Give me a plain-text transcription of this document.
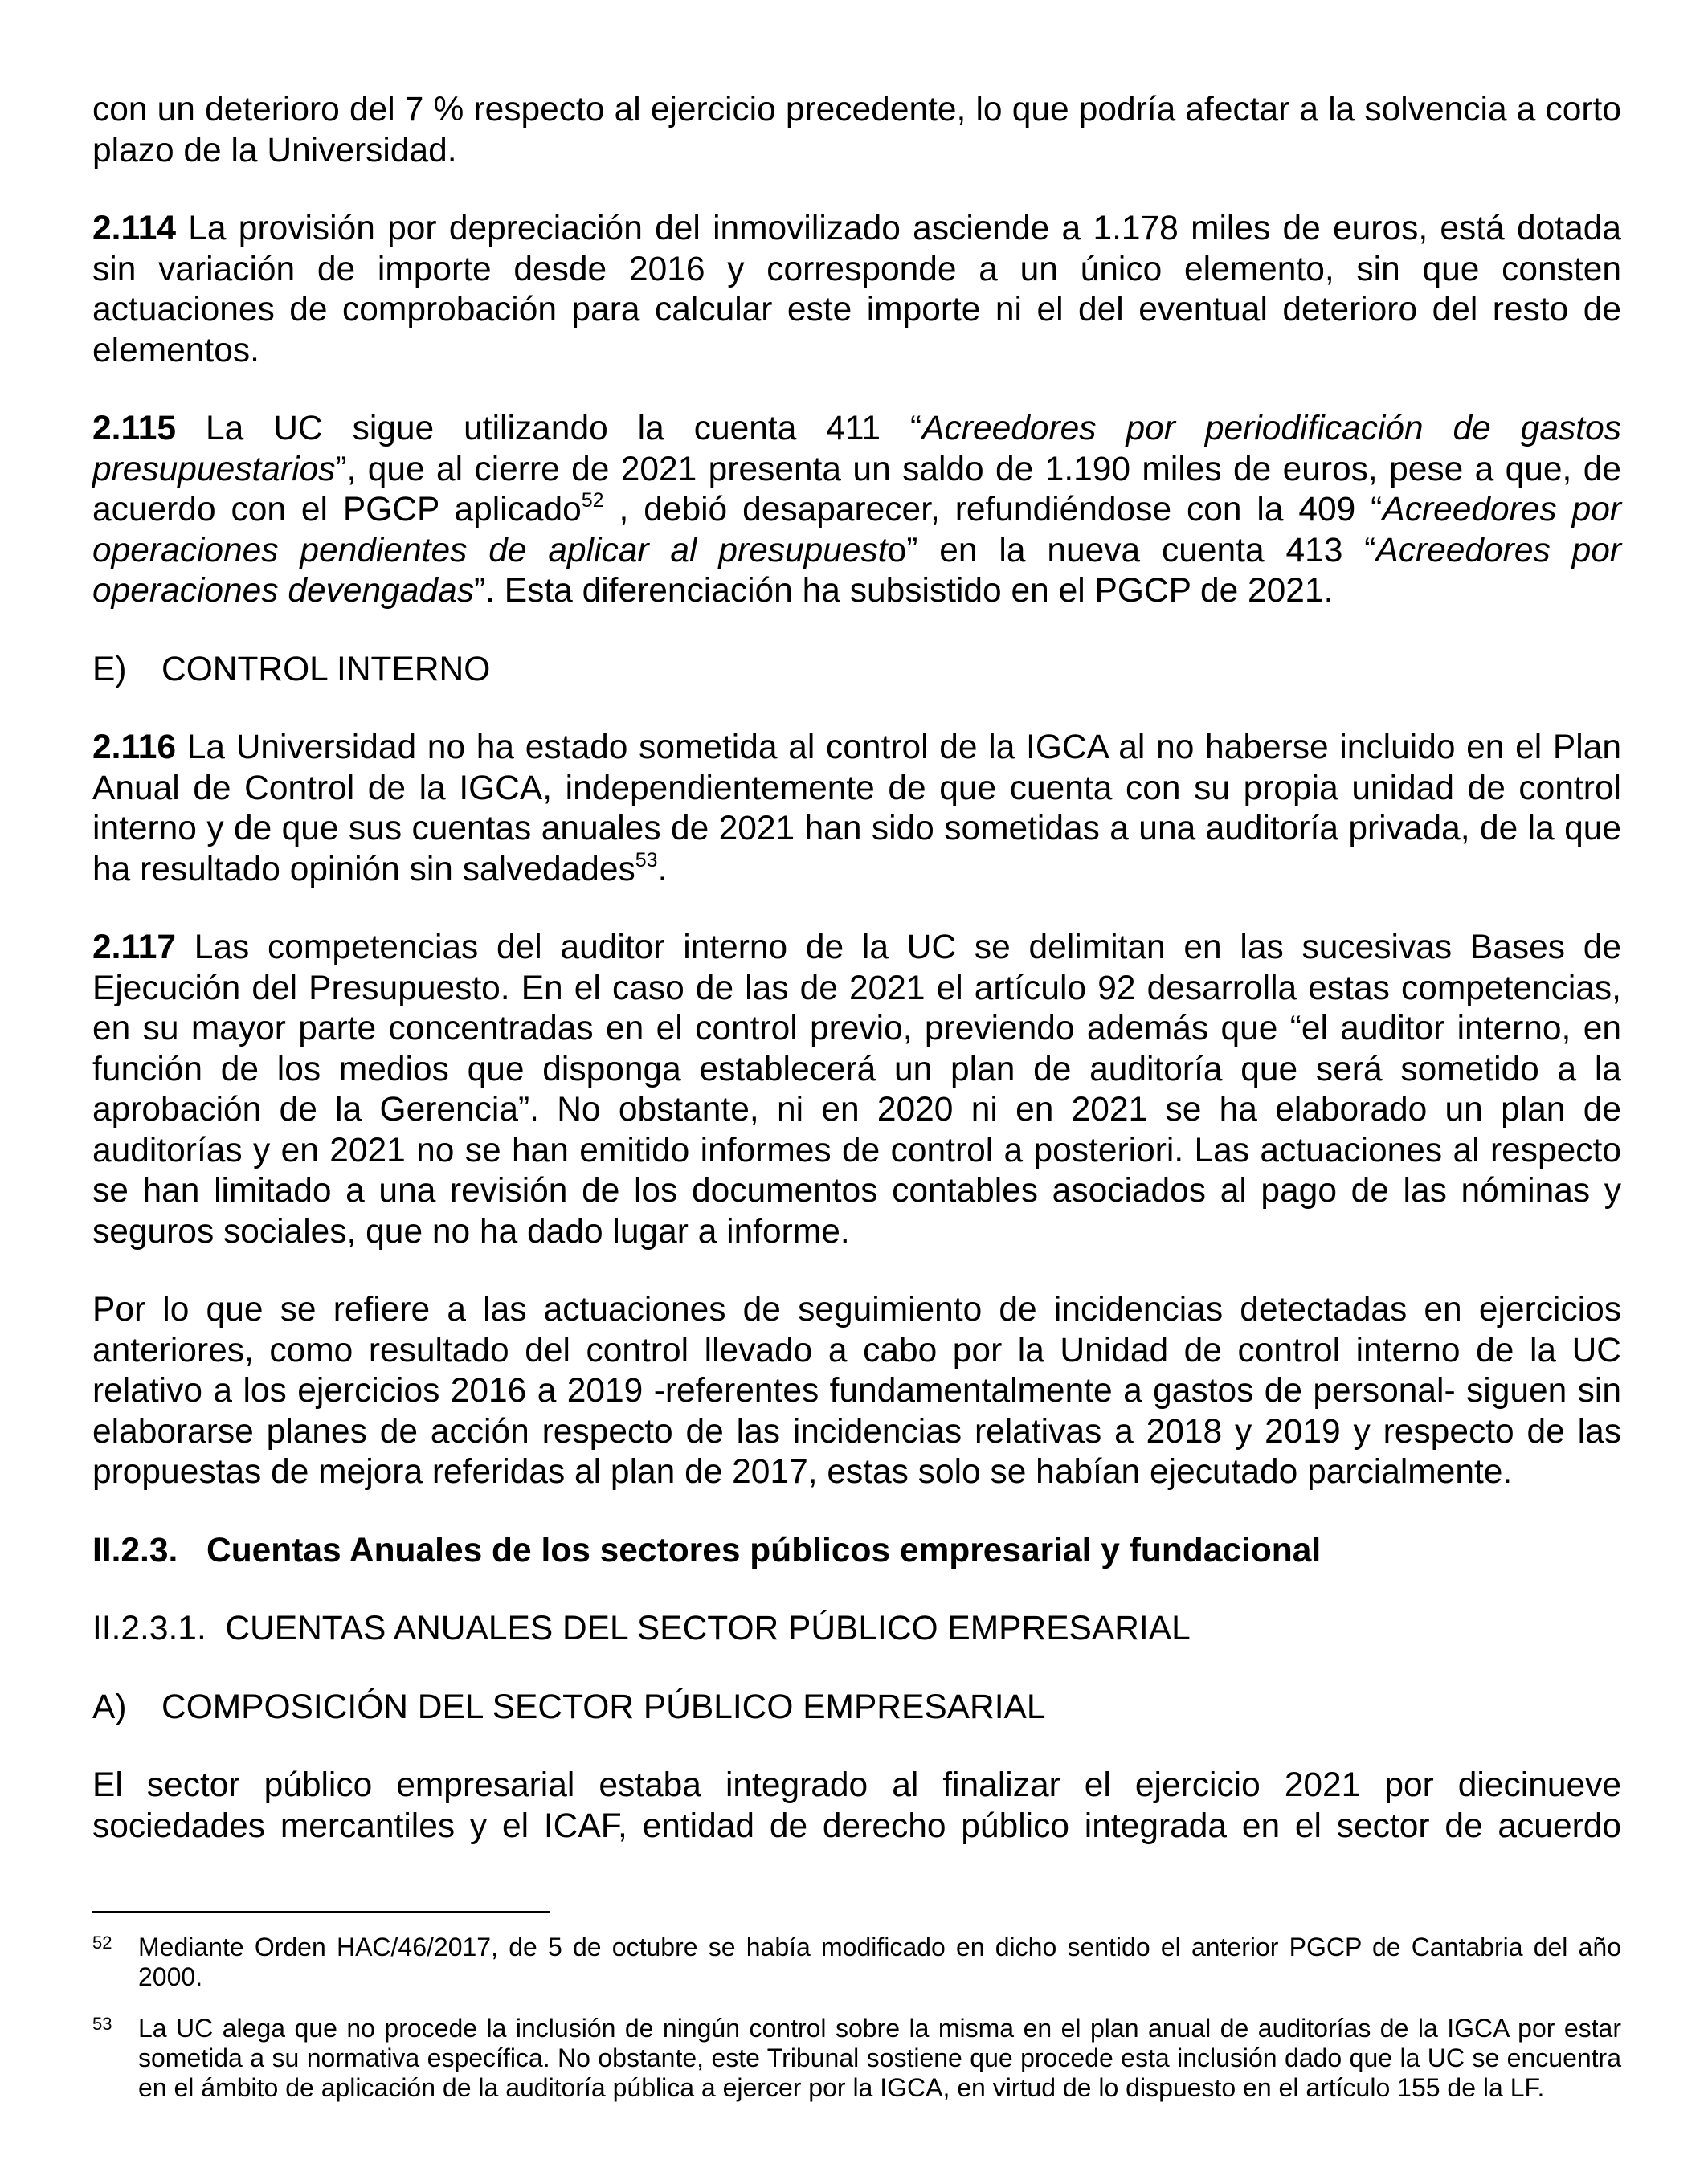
con un deterioro del 7 % respecto al ejercicio precedente, lo que podría afectar a la solvencia a corto plazo de la Universidad.

2.114 La provisión por depreciación del inmovilizado asciende a 1.178 miles de euros, está dotada sin variación de importe desde 2016 y corresponde a un único elemento, sin que consten actuaciones de comprobación para calcular este importe ni el del eventual deterioro del resto de elementos.

2.115 La UC sigue utilizando la cuenta 411 “Acreedores por periodificación de gastos presupuestarios”, que al cierre de 2021 presenta un saldo de 1.190 miles de euros, pese a que, de acuerdo con el PGCP aplicado$^{52}$ , debió desaparecer, refundiéndose con la 409 “Acreedores por operaciones pendientes de aplicar al presupuesto” en la nueva cuenta 413 “Acreedores por operaciones devengadas”. Esta diferenciación ha subsistido en el PGCP de 2021.

E) CONTROL INTERNO

2.116 La Universidad no ha estado sometida al control de la IGCA al no haberse incluido en el Plan Anual de Control de la IGCA, independientemente de que cuenta con su propia unidad de control interno y de que sus cuentas anuales de 2021 han sido sometidas a una auditoría privada, de la que ha resultado opinión sin salvedades$^{53}$.

2.117 Las competencias del auditor interno de la UC se delimitan en las sucesivas Bases de Ejecución del Presupuesto. En el caso de las de 2021 el artículo 92 desarrolla estas competencias, en su mayor parte concentradas en el control previo, previendo además que “el auditor interno, en función de los medios que disponga establecerá un plan de auditoría que será sometido a la aprobación de la Gerencia”. No obstante, ni en 2020 ni en 2021 se ha elaborado un plan de auditorías y en 2021 no se han emitido informes de control a posteriori. Las actuaciones al respecto se han limitado a una revisión de los documentos contables asociados al pago de las nóminas y seguros sociales, que no ha dado lugar a informe.

Por lo que se refiere a las actuaciones de seguimiento de incidencias detectadas en ejercicios anteriores, como resultado del control llevado a cabo por la Unidad de control interno de la UC relativo a los ejercicios 2016 a 2019 -referentes fundamentalmente a gastos de personal- siguen sin elaborarse planes de acción respecto de las incidencias relativas a 2018 y 2019 y respecto de las propuestas de mejora referidas al plan de 2017, estas solo se habían ejecutado parcialmente.

II.2.3. Cuentas Anuales de los sectores públicos empresarial y fundacional

II.2.3.1.  CUENTAS ANUALES DEL SECTOR PÚBLICO EMPRESARIAL

A) COMPOSICIÓN DEL SECTOR PÚBLICO EMPRESARIAL

El sector público empresarial estaba integrado al finalizar el ejercicio 2021 por diecinueve sociedades mercantiles y el ICAF, entidad de derecho público integrada en el sector de acuerdo

52 Mediante Orden HAC/46/2017, de 5 de octubre se había modificado en dicho sentido el anterior PGCP de Cantabria del año 2000.

53 La UC alega que no procede la inclusión de ningún control sobre la misma en el plan anual de auditorías de la IGCA por estar sometida a su normativa específica. No obstante, este Tribunal sostiene que procede esta inclusión dado que la UC se encuentra en el ámbito de aplicación de la auditoría pública a ejercer por la IGCA, en virtud de lo dispuesto en el artículo 155 de la LF.
